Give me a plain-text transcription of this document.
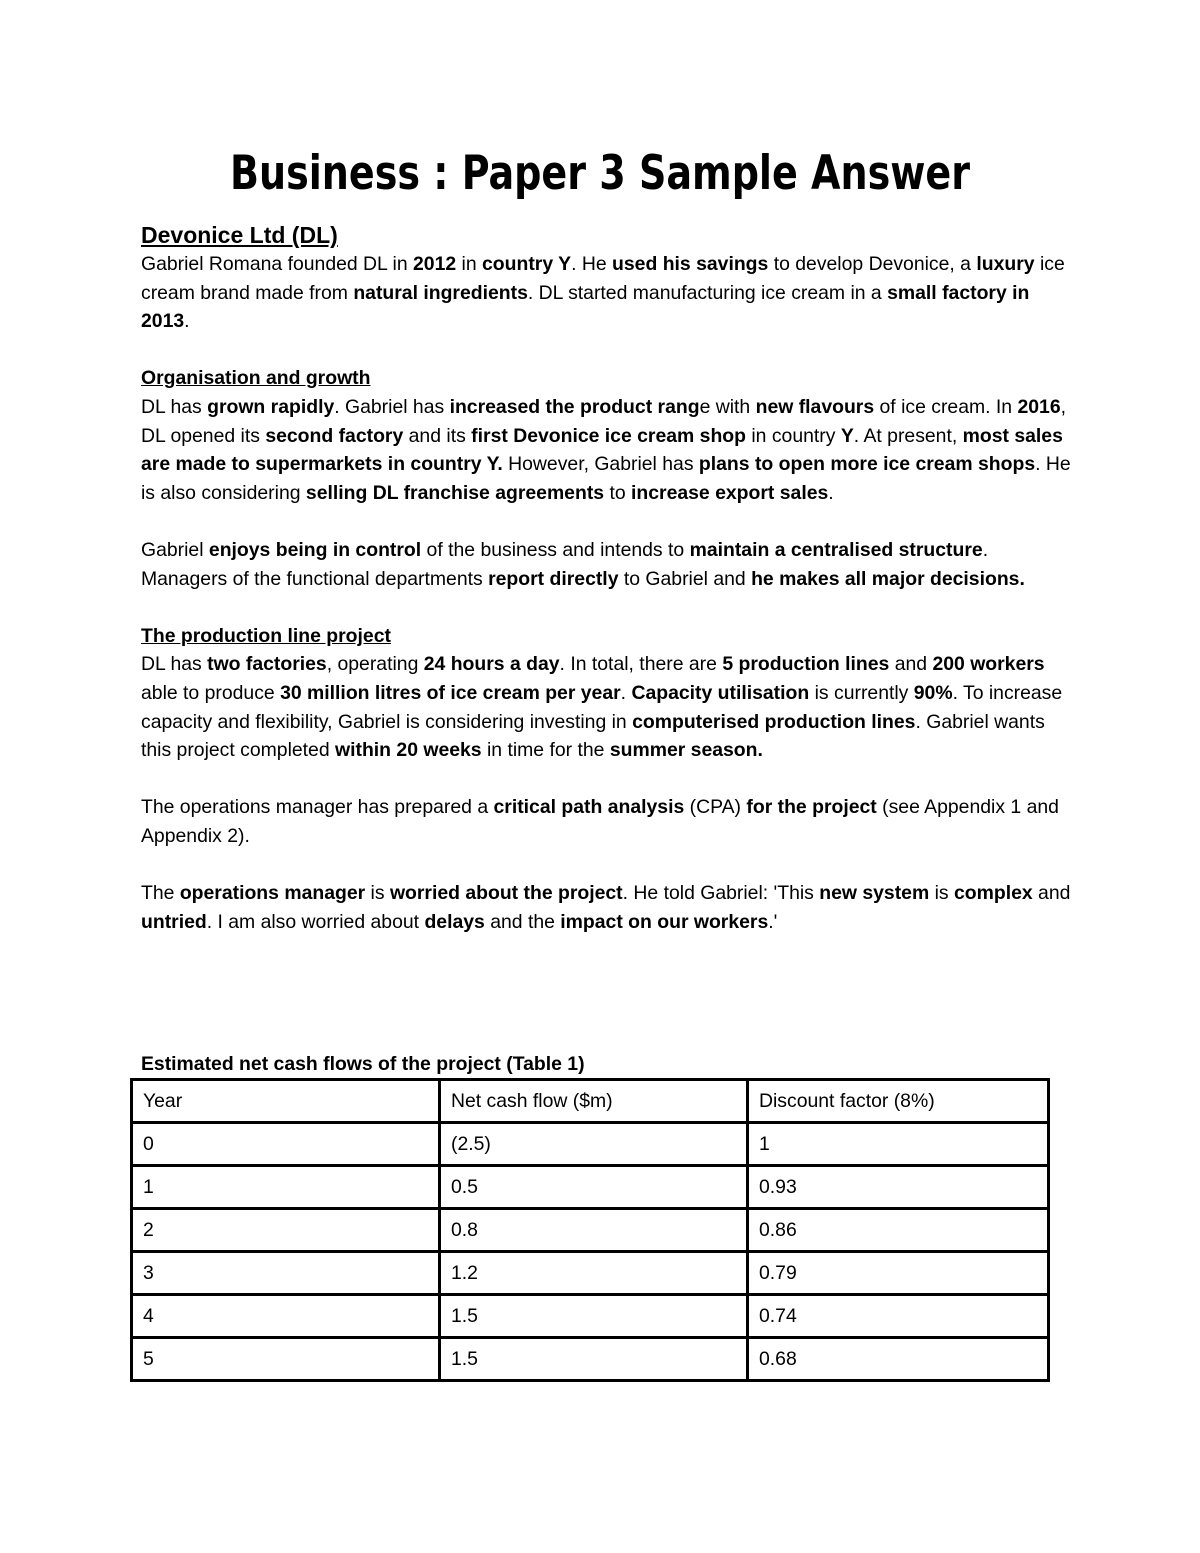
Business : Paper 3 Sample Answer

Devonice Ltd (DL)

Gabriel Romana founded DL in 2012 in country Y. He used his savings to develop Devonice, a luxury ice cream brand made from natural ingredients. DL started manufacturing ice cream in a small factory in 2013.

Organisation and growth

DL has grown rapidly. Gabriel has increased the product range with new flavours of ice cream. In 2016, DL opened its second factory and its first Devonice ice cream shop in country Y. At present, most sales are made to supermarkets in country Y. However, Gabriel has plans to open more ice cream shops. He is also considering selling DL franchise agreements to increase export sales.

Gabriel enjoys being in control of the business and intends to maintain a centralised structure. Managers of the functional departments report directly to Gabriel and he makes all major decisions.

The production line project

DL has two factories, operating 24 hours a day. In total, there are 5 production lines and 200 workers able to produce 30 million litres of ice cream per year. Capacity utilisation is currently 90%. To increase capacity and flexibility, Gabriel is considering investing in computerised production lines. Gabriel wants this project completed within 20 weeks in time for the summer season.

The operations manager has prepared a critical path analysis (CPA) for the project (see Appendix 1 and Appendix 2).

The operations manager is worried about the project. He told Gabriel: 'This new system is complex and untried. I am also worried about delays and the impact on our workers.'

Estimated net cash flows of the project (Table 1)
Year	Net cash flow ($m)	Discount factor (8%)
0	(2.5)	1
1	0.5	0.93
2	0.8	0.86
3	1.2	0.79
4	1.5	0.74
5	1.5	0.68
